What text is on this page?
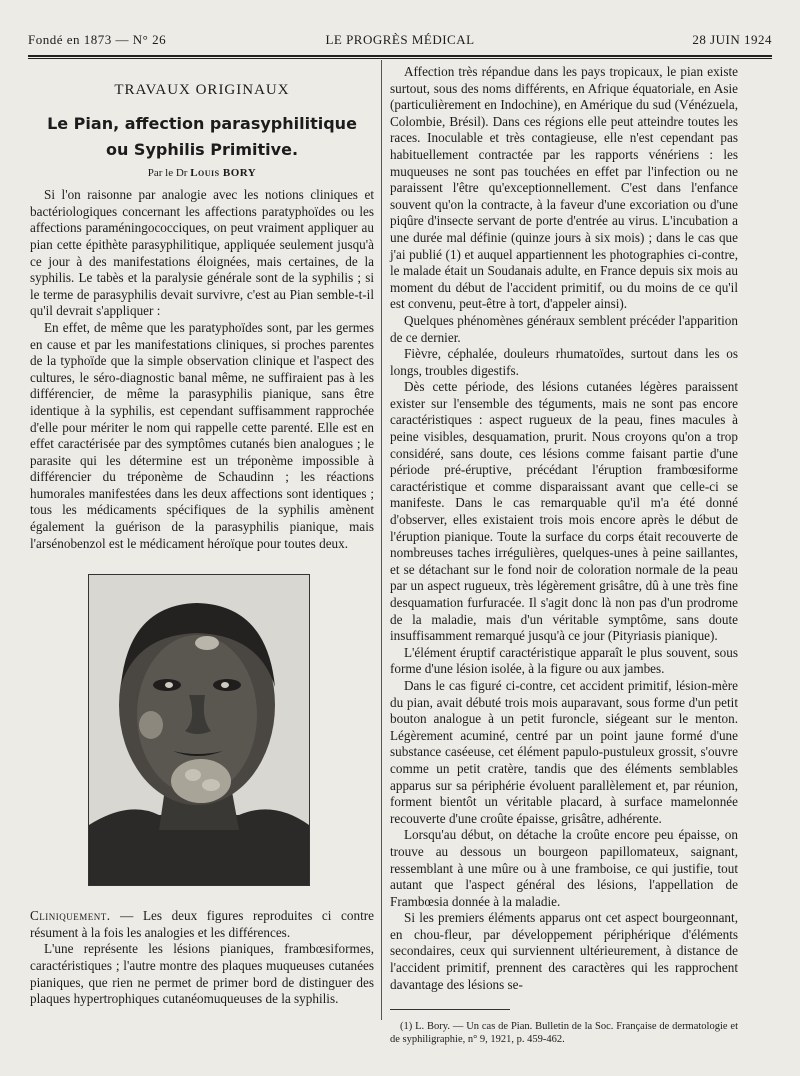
Fondé en 1873 — N° 26	LE PROGRÈS MÉDICAL	28 JUIN 1924
TRAVAUX ORIGINAUX
Le Pian, affection parasyphilitique
ou Syphilis Primitive.

Par le Dr Louis BORY

Si l'on raisonne par analogie avec les notions cliniques et bactériologiques concernant les affections paratyphoïdes ou les affections paraméningococciques, on peut vraiment appliquer au pian cette épithète parasyphilitique, appliquée seulement jusqu'à ce jour à des manifestations éloignées, mais certaines, de la syphilis. Le tabès et la paralysie générale sont de la syphilis ; si le terme de parasyphilis devait survivre, c'est au Pian semble-t-il qu'il devrait s'appliquer :

En effet, de même que les paratyphoïdes sont, par les germes en cause et par les manifestations cliniques, si proches parentes de la typhoïde que la simple observation clinique et l'aspect des cultures, le séro-diagnostic banal même, ne suffiraient pas à les différencier, de même la parasyphilis pianique, sans être identique à la syphilis, est cependant suffisamment rapprochée d'elle pour mériter le nom qui rappelle cette parenté. Elle est en effet caractérisée par des symptômes cutanés bien analogues ; le parasite qui les détermine est un tréponème impossible à différencier du tréponème de Schaudinn ; les réactions humorales manifestées dans les deux affections sont identiques ; tous les médicaments spécifiques de la syphilis amènent également la guérison de la parasyphilis pianique, mais l'arsénobenzol est le médicament héroïque pour toutes deux.

Cliniquement. — Les deux figures reproduites ci contre résument à la fois les analogies et les différences.

L'une représente les lésions pianiques, frambœsiformes, caractéristiques ; l'autre montre des plaques muqueuses cutanées pianiques, que rien ne permet de primer bord de distinguer des plaques hypertrophiques cutanéomuqueuses de la syphilis.

Affection très répandue dans les pays tropicaux, le pian existe surtout, sous des noms différents, en Afrique équatoriale, en Asie (particulièrement en Indochine), en Amérique du sud (Vénézuela, Colombie, Brésil). Dans ces régions elle peut atteindre toutes les races. Inoculable et très contagieuse, elle n'est cependant pas habituellement contractée par les rapports vénériens : les muqueuses ne sont pas touchées en effet par l'infection ou ne paraissent l'être qu'exceptionnellement. C'est dans l'enfance souvent qu'on la contracte, à la faveur d'une excoriation ou d'une piqûre d'insecte servant de porte d'entrée au virus. L'incubation a une durée mal définie (quinze jours à six mois) ; dans le cas que j'ai publié (1) et auquel appartiennent les photographies ci-contre, le malade était un Soudanais adulte, en France depuis six mois au moment du début de l'accident primitif, ou du moins de ce qu'il est convenu, peut-être à tort, d'appeler ainsi).

Quelques phénomènes généraux semblent précéder l'apparition de ce dernier.

Fièvre, céphalée, douleurs rhumatoïdes, surtout dans les os longs, troubles digestifs.

Dès cette période, des lésions cutanées légères paraissent exister sur l'ensemble des téguments, mais ne sont pas encore caractéristiques : aspect rugueux de la peau, fines macules à peine visibles, desquamation, prurit. Nous croyons qu'on a trop considéré, sans doute, ces lésions comme faisant partie d'une période pré-éruptive, précédant l'éruption frambœsiforme caractéristique et comme disparaissant avant que celle-ci se manifeste. Dans le cas remarquable qu'il m'a été donné d'observer, elles existaient trois mois encore après le début de l'éruption pianique. Toute la surface du corps était recouverte de nombreuses taches irrégulières, quelques-unes à peine saillantes, et se détachant sur le fond noir de coloration normale de la peau par un aspect rugueux, très légèrement grisâtre, dû à une très fine desquamation furfuracée. Il s'agit donc là non pas d'un prodrome de la maladie, mais d'un véritable symptôme, sans doute insuffisamment remarqué jusqu'à ce jour (Pityriasis pianique).

L'élément éruptif caractéristique apparaît le plus souvent, sous forme d'une lésion isolée, à la figure ou aux jambes.

Dans le cas figuré ci-contre, cet accident primitif, lésion-mère du pian, avait débuté trois mois auparavant, sous forme d'un petit bouton analogue à un petit furoncle, siégeant sur le menton. Légèrement acuminé, centré par un point jaune formé d'une substance caséeuse, cet élément papulo-pustuleux grossit, s'ouvre comme un petit cratère, tandis que des éléments semblables apparus sur sa périphérie évoluent parallèlement et, par réunion, forment bientôt un véritable placard, à surface mamelonnée recouverte d'une croûte épaisse, grisâtre, adhérente.

Lorsqu'au début, on détache la croûte encore peu épaisse, on trouve au dessous un bourgeon papillomateux, saignant, ressemblant à une mûre ou à une framboise, ce qui justifie, tout autant que l'aspect général des lésions, l'appellation de Frambœsia donnée à la maladie.

Si les premiers éléments apparus ont cet aspect bourgeonnant, en chou-fleur, par développement périphérique d'éléments secondaires, ceux qui surviennent ultérieurement, à distance de l'accident primitif, prennent des caractères qui les rapprochent davantage des lésions se-

(1) L. Bory. — Un cas de Pian. Bulletin de la Soc. Française de dermatologie et de syphiligraphie, n° 9, 1921, p. 459-462.
